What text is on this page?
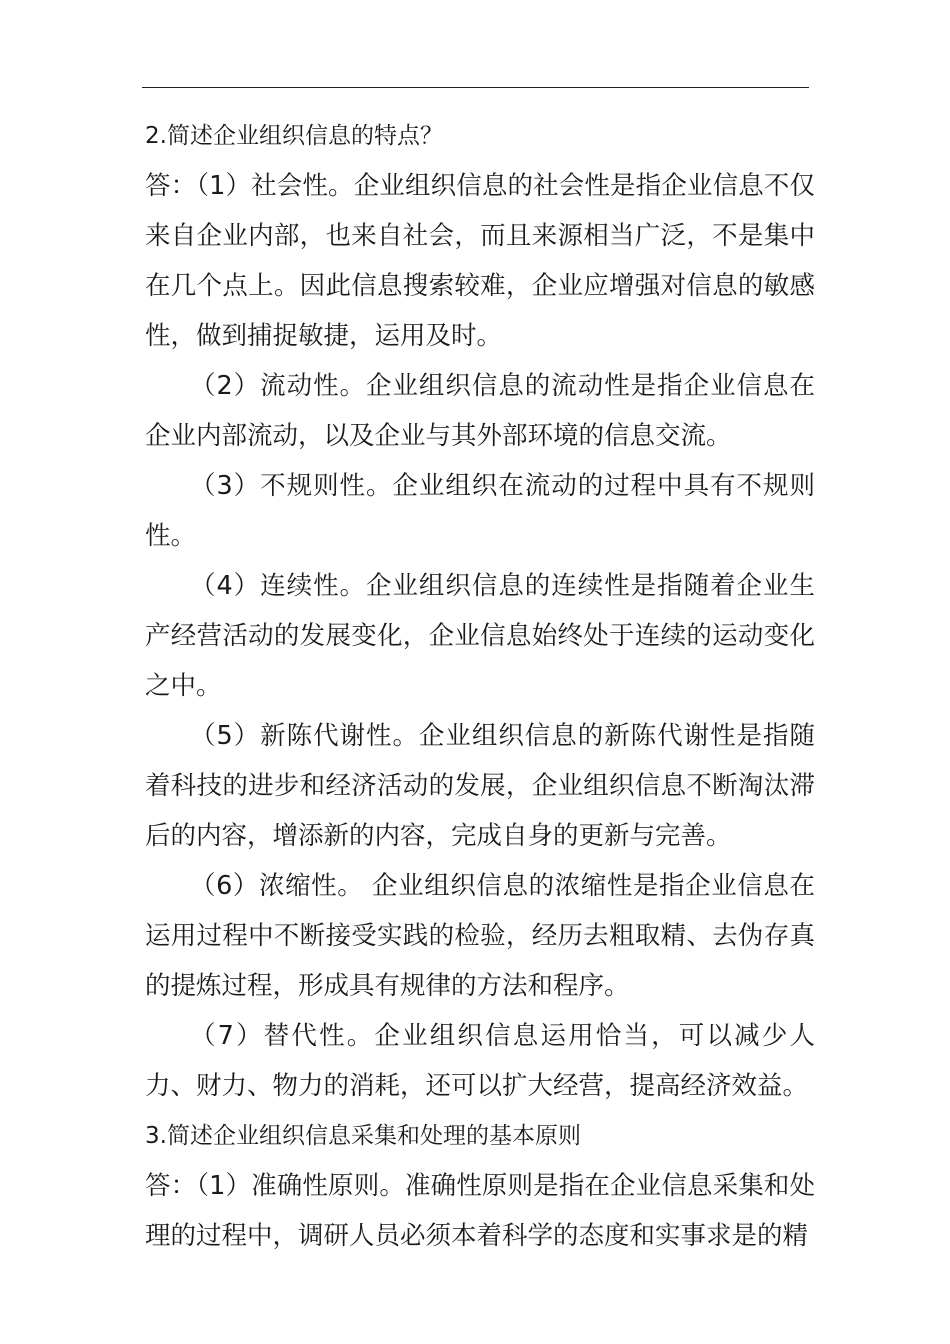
2.简述企业组织信息的特点？

答：（1）社会性。企业组织信息的社会性是指企业信息不仅来自企业内部，也来自社会，而且来源相当广泛，不是集中在几个点上。因此信息搜索较难，企业应增强对信息的敏感性，做到捕捉敏捷，运用及时。

（2）流动性。企业组织信息的流动性是指企业信息在企业内部流动，以及企业与其外部环境的信息交流。

（3）不规则性。企业组织在流动的过程中具有不规则性。

（4）连续性。企业组织信息的连续性是指随着企业生产经营活动的发展变化，企业信息始终处于连续的运动变化之中。

（5）新陈代谢性。企业组织信息的新陈代谢性是指随着科技的进步和经济活动的发展，企业组织信息不断淘汰滞后的内容，增添新的内容，完成自身的更新与完善。

（6）浓缩性。 企业组织信息的浓缩性是指企业信息在运用过程中不断接受实践的检验，经历去粗取精、去伪存真的提炼过程，形成具有规律的方法和程序。

（7）替代性。企业组织信息运用恰当，可以减少人力、财力、物力的消耗，还可以扩大经营，提高经济效益。

3.简述企业组织信息采集和处理的基本原则

答：（1）准确性原则。准确性原则是指在企业信息采集和处理的过程中，调研人员必须本着科学的态度和实事求是的精
